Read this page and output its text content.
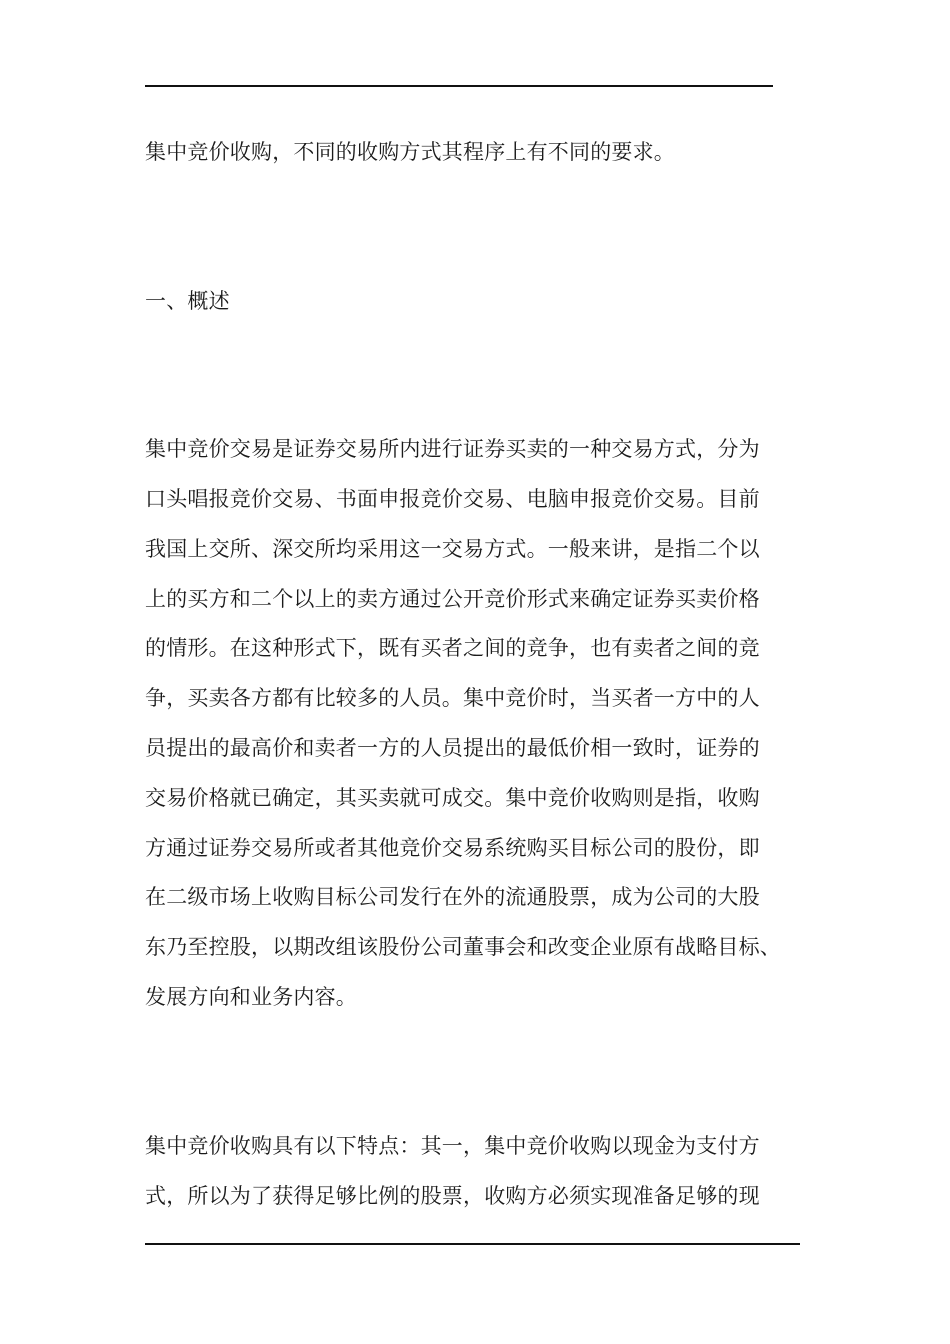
集中竞价收购，不同的收购方式其程序上有不同的要求。
一、概述
集中竞价交易是证券交易所内进行证券买卖的一种交易方式，分为
口头唱报竞价交易、书面申报竞价交易、电脑申报竞价交易。目前
我国上交所、深交所均采用这一交易方式。一般来讲，是指二个以
上的买方和二个以上的卖方通过公开竞价形式来确定证券买卖价格
的情形。在这种形式下，既有买者之间的竞争，也有卖者之间的竞
争，买卖各方都有比较多的人员。集中竞价时，当买者一方中的人
员提出的最高价和卖者一方的人员提出的最低价相一致时，证券的
交易价格就已确定，其买卖就可成交。集中竞价收购则是指，收购
方通过证券交易所或者其他竞价交易系统购买目标公司的股份，即
在二级市场上收购目标公司发行在外的流通股票，成为公司的大股
东乃至控股，以期改组该股份公司董事会和改变企业原有战略目标、
发展方向和业务内容。
集中竞价收购具有以下特点：其一，集中竞价收购以现金为支付方
式，所以为了获得足够比例的股票，收购方必须实现准备足够的现
